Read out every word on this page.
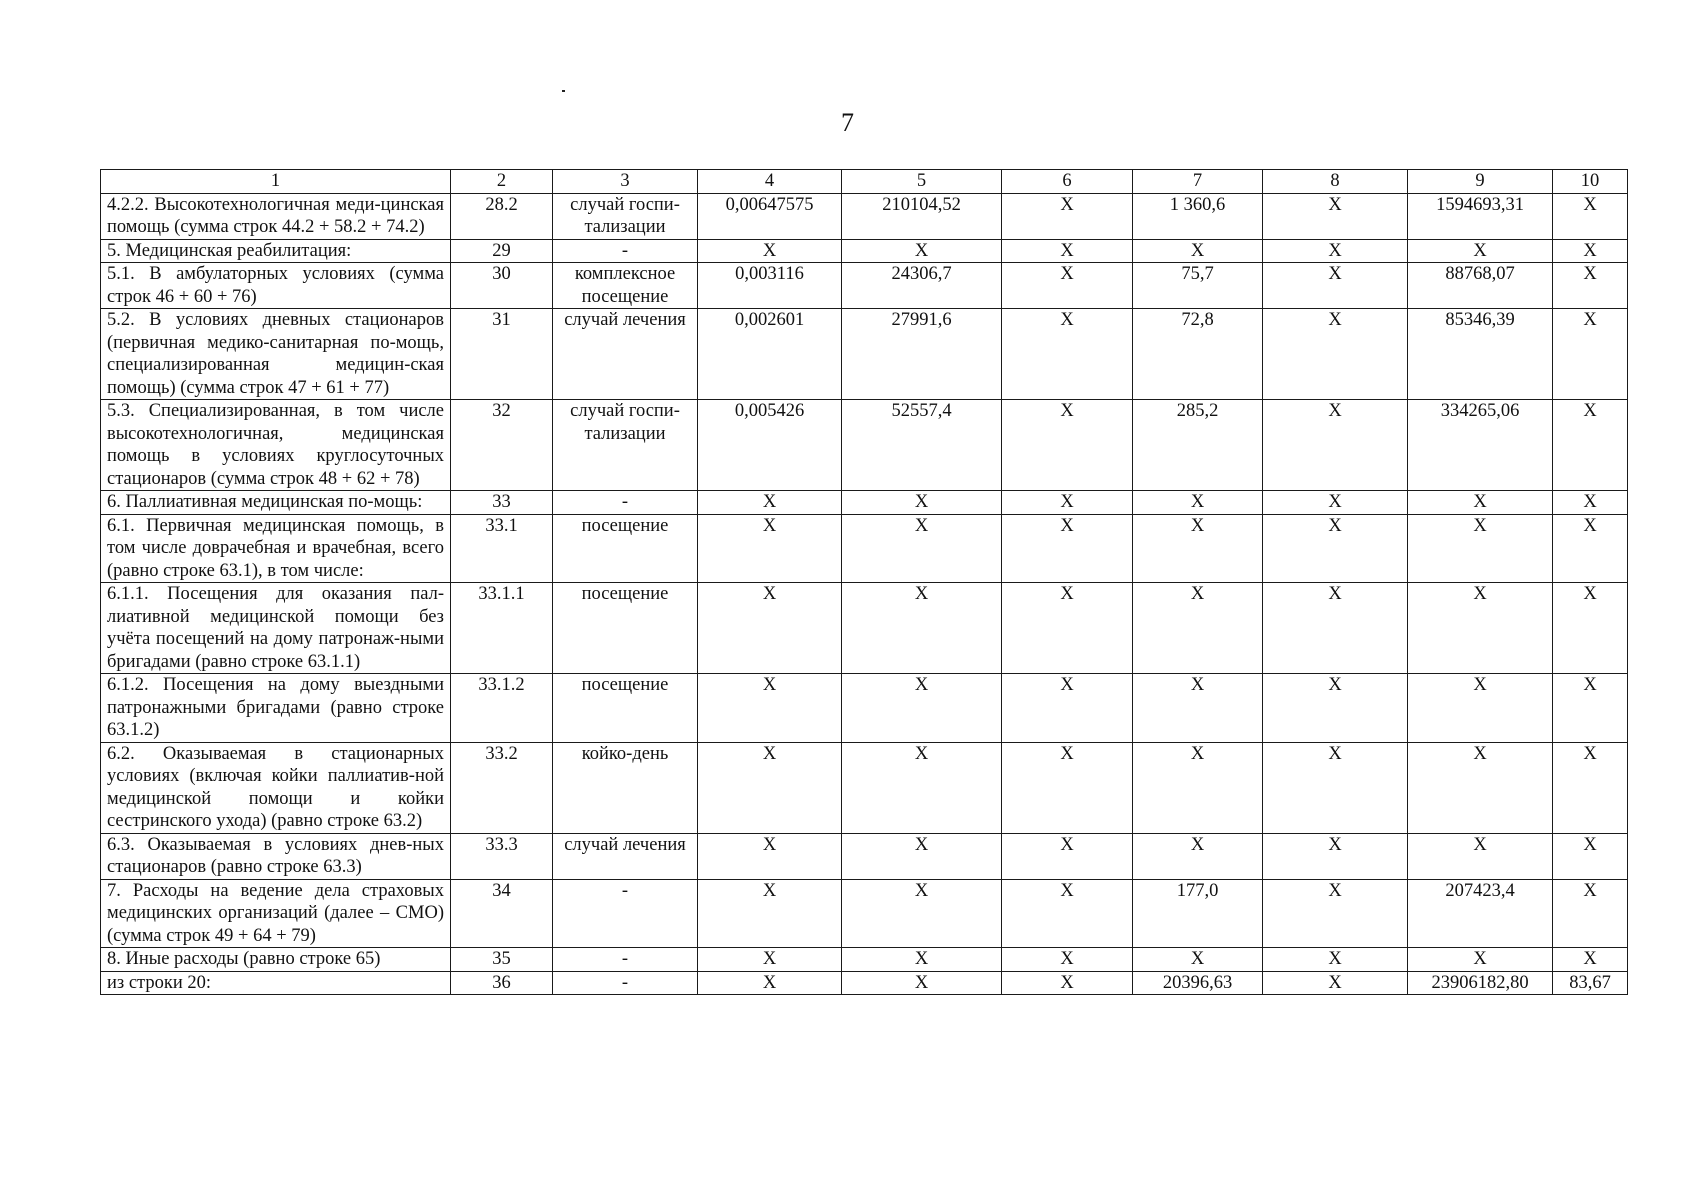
7
1	2	3	4	5	6	7	8	9	10
4.2.2. Высокотехнологичная меди-цинская помощь (сумма строк 44.2 + 58.2 + 74.2)	28.2	случай госпи-тализации	0,00647575	210104,52	X	1 360,6	X	1594693,31	X
5. Медицинская реабилитация:	29	-	X	X	X	X	X	X	X
5.1. В амбулаторных условиях (сумма строк 46 + 60 + 76)	30	комплексное посещение	0,003116	24306,7	X	75,7	X	88768,07	X
5.2. В условиях дневных стационаров (первичная медико-санитарная по-мощь, специализированная медицин-ская помощь) (сумма строк 47 + 61 + 77)	31	случай лечения	0,002601	27991,6	X	72,8	X	85346,39	X
5.3. Специализированная, в том числе высокотехнологичная, медицинская помощь в условиях круглосуточных стационаров (сумма строк 48 + 62 + 78)	32	случай госпи-тализации	0,005426	52557,4	X	285,2	X	334265,06	X
6. Паллиативная медицинская по-мощь:	33	-	X	X	X	X	X	X	X
6.1. Первичная медицинская помощь, в том числе доврачебная и врачебная, всего (равно строке 63.1), в том числе:	33.1	посещение	X	X	X	X	X	X	X
6.1.1. Посещения для оказания пал-лиативной медицинской помощи без учёта посещений на дому патронаж-ными бригадами (равно строке 63.1.1)	33.1.1	посещение	X	X	X	X	X	X	X
6.1.2. Посещения на дому выездными патронажными бригадами (равно строке 63.1.2)	33.1.2	посещение	X	X	X	X	X	X	X
6.2. Оказываемая в стационарных условиях (включая койки паллиатив-ной медицинской помощи и койки сестринского ухода) (равно строке 63.2)	33.2	койко-день	X	X	X	X	X	X	X
6.3. Оказываемая в условиях днев-ных стационаров (равно строке 63.3)	33.3	случай лечения	X	X	X	X	X	X	X
7. Расходы на ведение дела страховых медицинских организаций (далее – СМО) (сумма строк 49 + 64 + 79)	34	-	X	X	X	177,0	X	207423,4	X
8. Иные расходы (равно строке 65)	35	-	X	X	X	X	X	X	X
из строки 20:	36	-	X	X	X	20396,63	X	23906182,80	83,67
